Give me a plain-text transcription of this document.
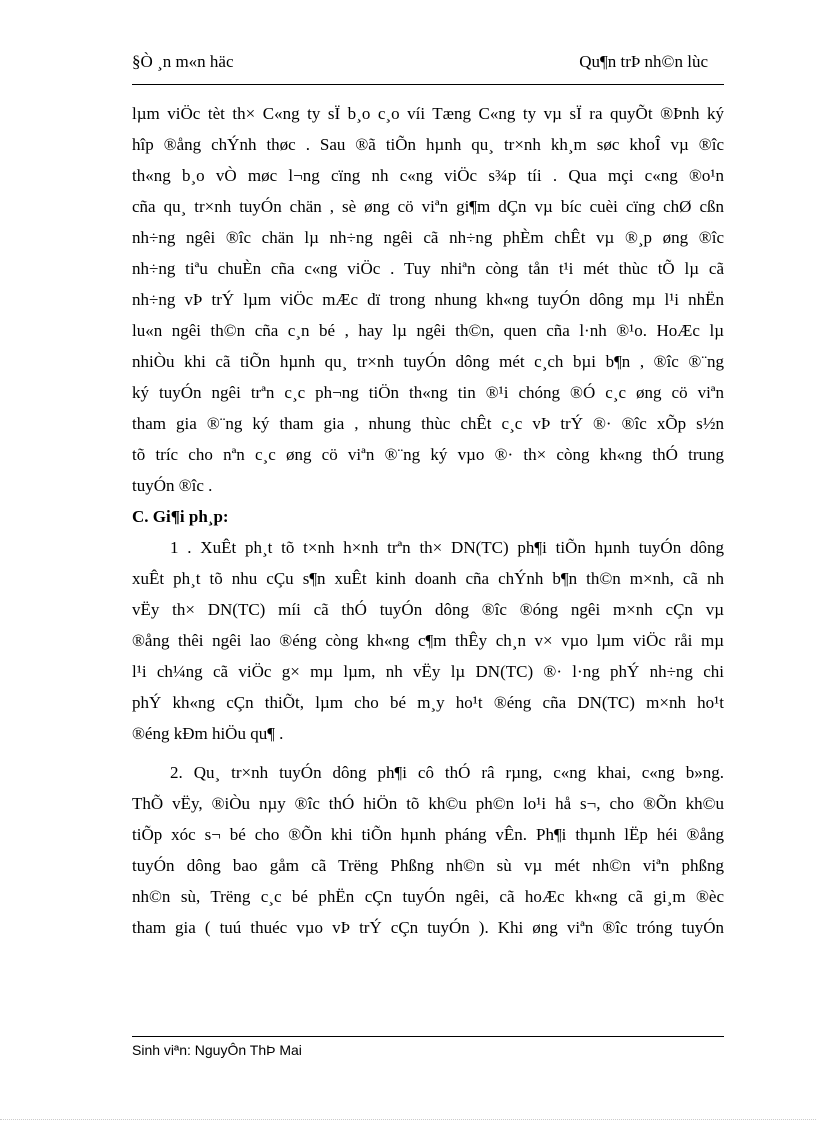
§Ò ¸n m«n häc	Qu¶n trÞ nh©n lùc
lµm viÖc tèt th× C«ng ty sÏ b¸o c¸o víi Tæng C«ng ty vµ sÏ ra quyÕt ®Þnh ký
hîp ®ång chÝnh thøc . Sau ®ã tiÕn hµnh qu¸ tr×nh kh¸m søc khoÎ vµ ®îc
th«ng b¸o vÒ møc l¬ng cïng nh c«ng viÖc s¾p tíi . Qua mçi c«ng ®o¹n
cña qu¸ tr×nh tuyÓn chän , sè øng cö viªn gi¶m dÇn vµ bíc cuèi cïng chØ cßn
nh÷ng ngêi ®îc chän lµ nh÷ng ngêi cã nh÷ng phÈm chÊt vµ ®¸p øng ®îc
nh÷ng tiªu chuÈn cña c«ng viÖc . Tuy nhiªn còng tån t¹i mét thùc tÕ lµ cã
nh÷ng vÞ trÝ lµm viÖc mÆc dï trong nhung kh«ng tuyÓn dông mµ l¹i nhËn
lu«n ngêi th©n cña c¸n bé , hay lµ ngêi th©n, quen cña l·nh ®¹o. HoÆc lµ
nhiÒu khi cã tiÕn hµnh qu¸ tr×nh tuyÓn dông mét c¸ch bµi b¶n , ®îc ®¨ng
ký tuyÓn ngêi trªn c¸c ph¬ng tiÖn th«ng tin ®¹i chóng ®Ó c¸c øng cö viªn
tham gia ®¨ng ký tham gia , nhung thùc chÊt c¸c vÞ trÝ ®· ®îc xÕp s½n
tõ tríc cho nªn c¸c øng cö viªn ®¨ng ký vµo ®· th× còng kh«ng thÓ trung
tuyÓn ®îc .
C. Gi¶i ph¸p:
1 . XuÊt ph¸t tõ t×nh h×nh trªn th× DN(TC) ph¶i tiÕn hµnh tuyÓn dông
xuÊt ph¸t tõ nhu cÇu s¶n xuÊt kinh doanh cña chÝnh b¶n th©n m×nh, cã nh
vËy th× DN(TC) míi cã thÓ tuyÓn dông ®îc ®óng ngêi m×nh cÇn vµ
®ång thêi ngêi lao ®éng còng kh«ng c¶m thÊy ch¸n v× vµo lµm viÖc råi mµ
l¹i ch¼ng cã viÖc g× mµ lµm, nh vËy lµ DN(TC) ®· l·ng phÝ nh÷ng chi
phÝ kh«ng cÇn thiÕt, lµm cho bé m¸y ho¹t ®éng cña DN(TC) m×nh ho¹t
®éng kÐm hiÖu qu¶ .
2. Qu¸ tr×nh tuyÓn dông ph¶i cô thÓ râ rµng, c«ng khai, c«ng b»ng.
ThÕ vËy, ®iÒu nµy ®îc thÓ hiÖn tõ kh©u ph©n lo¹i hå s¬, cho ®Õn kh©u
tiÕp xóc s¬ bé cho ®Õn khi tiÕn hµnh pháng vÊn. Ph¶i thµnh lËp héi ®ång
tuyÓn dông bao gåm cã Trëng Phßng nh©n sù vµ mét nh©n viªn phßng
nh©n sù, Trëng c¸c bé phËn cÇn tuyÓn ngêi, cã hoÆc kh«ng cã gi¸m ®èc
tham gia ( tuú thuéc vµo vÞ trÝ cÇn tuyÓn ). Khi øng viªn ®îc tróng tuyÓn
Sinh viªn: NguyÔn ThÞ Mai
